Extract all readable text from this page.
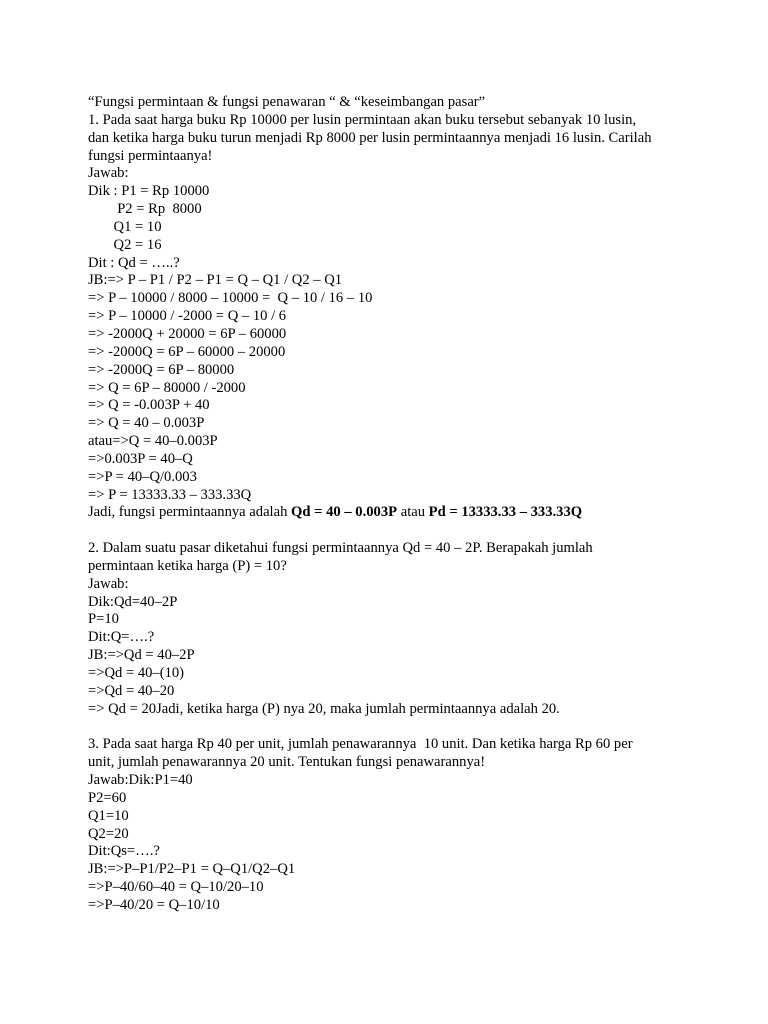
“Fungsi permintaan & fungsi penawaran “ & “keseimbangan pasar”
1. Pada saat harga buku Rp 10000 per lusin permintaan akan buku tersebut sebanyak 10 lusin,
dan ketika harga buku turun menjadi Rp 8000 per lusin permintaannya menjadi 16 lusin. Carilah
fungsi permintaanya!
Jawab:
Dik : P1 = Rp 10000
P2 = Rp  8000
Q1 = 10
Q2 = 16
Dit : Qd = …..?
JB:=> P – P1 / P2 – P1 = Q – Q1 / Q2 – Q1
=> P – 10000 / 8000 – 10000 =  Q – 10 / 16 – 10
=> P – 10000 / -2000 = Q – 10 / 6
=> -2000Q + 20000 = 6P – 60000
=> -2000Q = 6P – 60000 – 20000
=> -2000Q = 6P – 80000
=> Q = 6P – 80000 / -2000
=> Q = -0.003P + 40
=> Q = 40 – 0.003P
atau=>Q = 40–0.003P
=>0.003P = 40–Q
=>P = 40–Q/0.003
=> P = 13333.33 – 333.33Q
Jadi, fungsi permintaannya adalah Qd = 40 – 0.003P atau Pd = 13333.33 – 333.33Q
2. Dalam suatu pasar diketahui fungsi permintaannya Qd = 40 – 2P. Berapakah jumlah
permintaan ketika harga (P) = 10?
Jawab:
Dik:Qd=40–2P
P=10
Dit:Q=….?
JB:=>Qd = 40–2P
=>Qd = 40–(10)
=>Qd = 40–20
=> Qd = 20Jadi, ketika harga (P) nya 20, maka jumlah permintaannya adalah 20.
3. Pada saat harga Rp 40 per unit, jumlah penawarannya  10 unit. Dan ketika harga Rp 60 per
unit, jumlah penawarannya 20 unit. Tentukan fungsi penawarannya!
Jawab:Dik:P1=40
P2=60
Q1=10
Q2=20
Dit:Qs=….?
JB:=>P–P1/P2–P1 = Q–Q1/Q2–Q1
=>P–40/60–40 = Q–10/20–10
=>P–40/20 = Q–10/10
